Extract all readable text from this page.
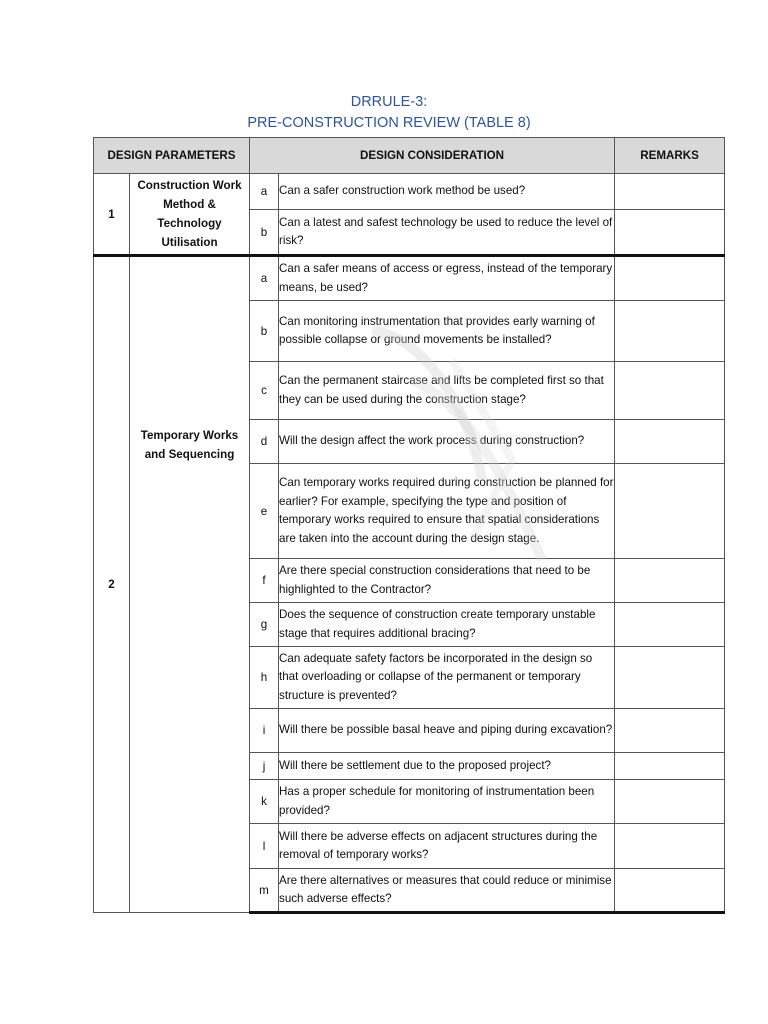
DRRULE-3:
PRE-CONSTRUCTION REVIEW (TABLE 8)
DESIGN PARAMETERS		DESIGN CONSIDERATION		REMARKS
1	Construction Work Method & Technology Utilisation	a	Can a safer construction work method be used?	
		b	Can a latest and safest technology be used to reduce the level of risk?	
2	Temporary Works and Sequencing	a	Can a safer means of access or egress, instead of the temporary means, be used?	
		b	Can monitoring instrumentation that provides early warning of possible collapse or ground movements be installed?	
		c	Can the permanent staircase and lifts be completed first so that they can be used during the construction stage?	
		d	Will the design affect the work process during construction?	
		e	Can temporary works required during construction be planned for earlier? For example, specifying the type and position of temporary works required to ensure that spatial considerations are taken into the account during the design stage.	
		f	Are there special construction considerations that need to be highlighted to the Contractor?	
		g	Does the sequence of construction create temporary unstable stage that requires additional bracing?	
		h	Can adequate safety factors be incorporated in the design so that overloading or collapse of the permanent or temporary structure is prevented?	
		i	Will there be possible basal heave and piping during excavation?	
		j	Will there be settlement due to the proposed project?	
		k	Has a proper schedule for monitoring of instrumentation been provided?	
		l	Will there be adverse effects on adjacent structures during the removal of temporary works?	
		m	Are there alternatives or measures that could reduce or minimise such adverse effects?	
